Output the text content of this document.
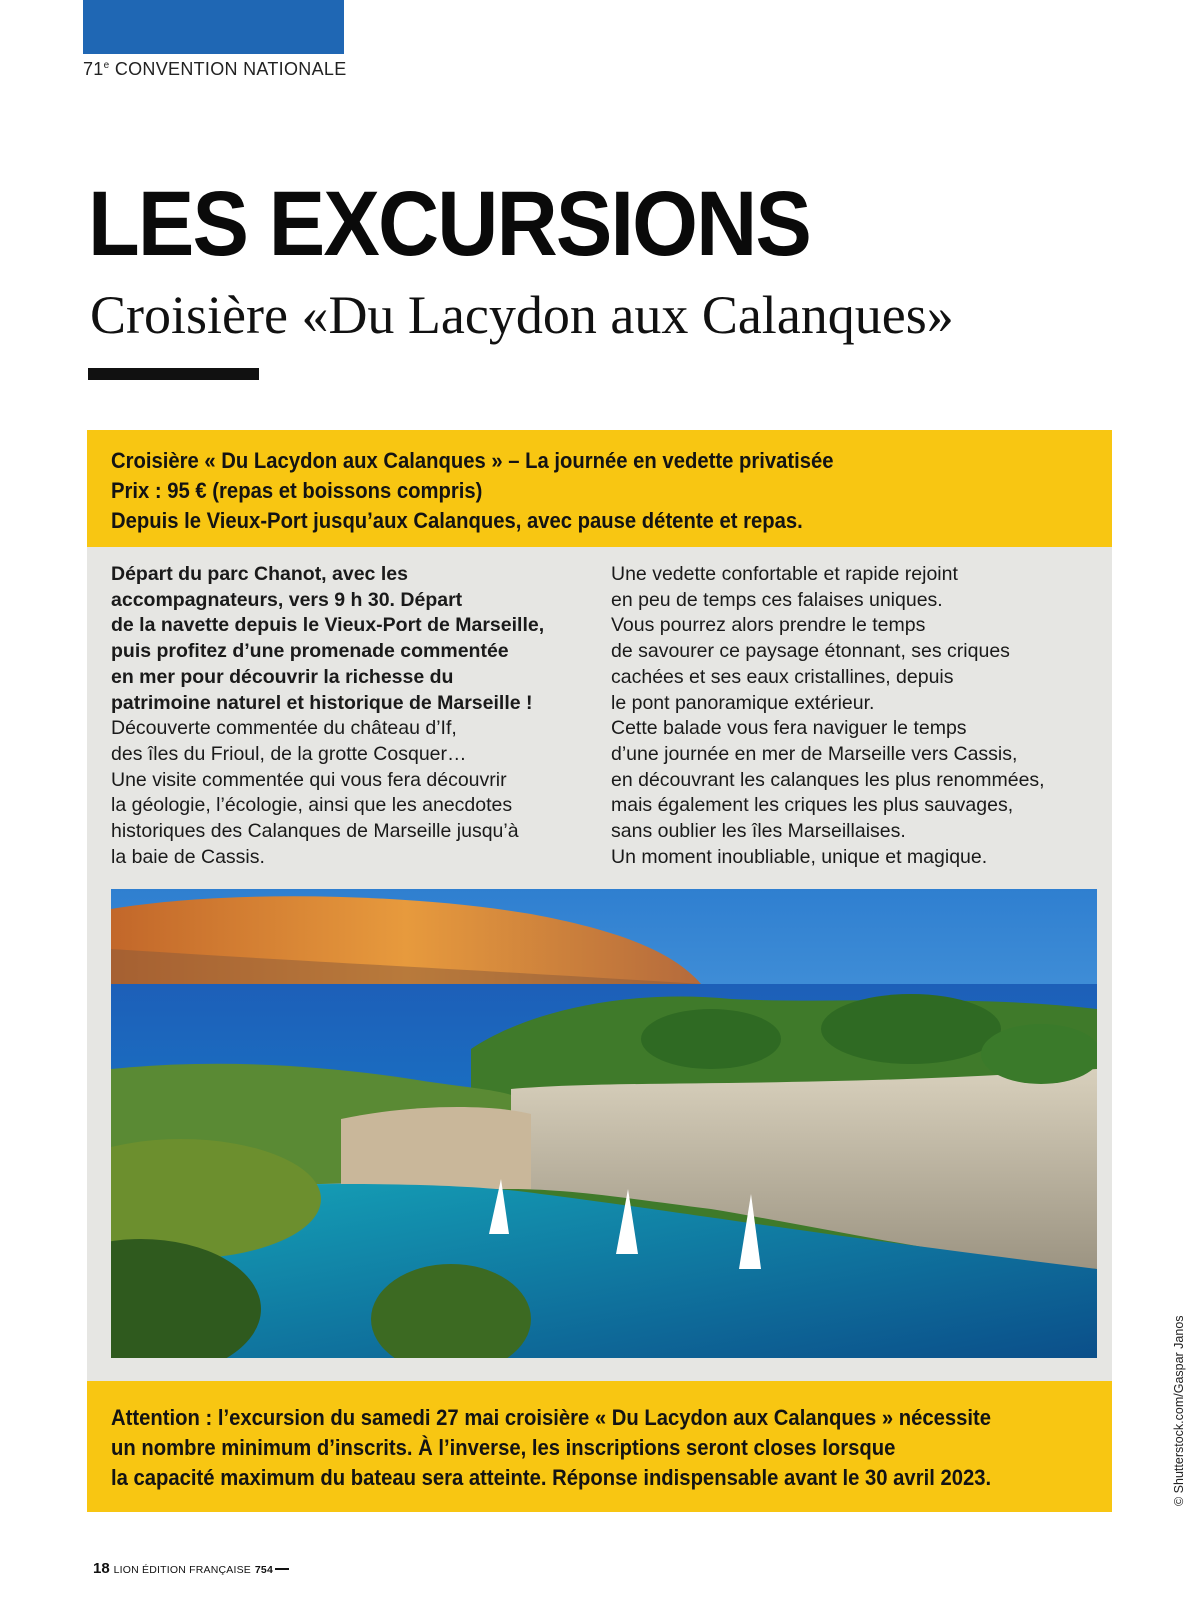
71e CONVENTION NATIONALE
LES EXCURSIONS
Croisière «Du Lacydon aux Calanques»
Croisière « Du Lacydon aux Calanques » – La journée en vedette privatisée
Prix : 95 € (repas et boissons compris)
Depuis le Vieux-Port jusqu’aux Calanques, avec pause détente et repas.
Départ du parc Chanot, avec les
accompagnateurs, vers 9 h 30. Départ
de la navette depuis le Vieux-Port de Marseille,
puis profitez d’une promenade commentée
en mer pour découvrir la richesse du
patrimoine naturel et historique de Marseille !
Découverte commentée du château d’If,
des îles du Frioul, de la grotte Cosquer…
Une visite commentée qui vous fera découvrir
la géologie, l’écologie, ainsi que les anecdotes
historiques des Calanques de Marseille jusqu’à
la baie de Cassis.
Une vedette confortable et rapide rejoint
en peu de temps ces falaises uniques.
Vous pourrez alors prendre le temps
de savourer ce paysage étonnant, ses criques
cachées et ses eaux cristallines, depuis
le pont panoramique extérieur.
Cette balade vous fera naviguer le temps
d’une journée en mer de Marseille vers Cassis,
en découvrant les calanques les plus renommées,
mais également les criques les plus sauvages,
sans oublier les îles Marseillaises.
Un moment inoubliable, unique et magique.
Attention : l’excursion du samedi 27 mai croisière « Du Lacydon aux Calanques » nécessite
un nombre minimum d’inscrits. À l’inverse, les inscriptions seront closes lorsque
la capacité maximum du bateau sera atteinte. Réponse indispensable avant le 30 avril 2023.	© Shutterstock.com/Gaspar Janos
18 LION ÉDITION FRANÇAISE 754
